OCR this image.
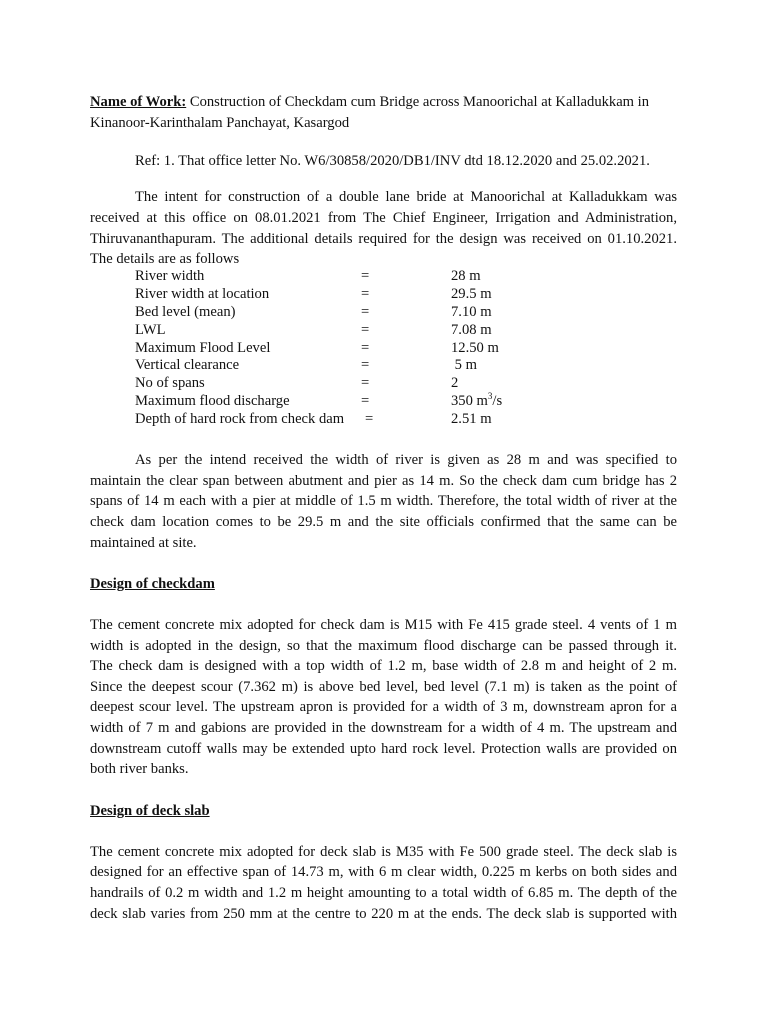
Name of Work: Construction of Checkdam cum Bridge across Manoorichal at Kalladukkam in
Kinanoor-Karinthalam Panchayat, Kasargod
Ref: 1. That office letter No. W6/30858/2020/DB1/INV dtd 18.12.2020 and 25.02.2021.
The intent for construction of a double lane bride at Manoorichal at Kalladukkam was
received at this office on 08.01.2021 from The Chief Engineer, Irrigation and Administration,
Thiruvananthapuram. The additional details required for the design was received on 01.10.2021.
The details are as follows
River width	=	28 m
River width at location	=	29.5 m
Bed level (mean)	=	7.10 m
LWL	=	7.08 m
Maximum Flood Level	=	12.50 m
Vertical clearance	=	5 m
No of spans	=	2
Maximum flood discharge	=	350 $m^3/s$
Depth of hard rock from check dam =	2.51 m
As per the intend received the width of river is given as 28 m and was specified to
maintain the clear span between abutment and pier as 14 m. So the check dam cum bridge has 2
spans of 14 m each with a pier at middle of 1.5 m width. Therefore, the total width of river at the
check dam location comes to be 29.5 m and the site officials confirmed that the same can be
maintained at site.
Design of checkdam
The cement concrete mix adopted for check dam is M15 with Fe 415 grade steel. 4 vents of 1 m
width is adopted in the design, so that the maximum flood discharge can be passed through it.
The check dam is designed with a top width of 1.2 m, base width of 2.8 m and height of 2 m.
Since the deepest scour (7.362 m) is above bed level, bed level (7.1 m) is taken as the point of
deepest scour level. The upstream apron is provided for a width of 3 m, downstream apron for a
width of 7 m and gabions are provided in the downstream for a width of 4 m. The upstream and
downstream cutoff walls may be extended upto hard rock level. Protection walls are provided on
both river banks.
Design of deck slab
The cement concrete mix adopted for deck slab is M35 with Fe 500 grade steel. The deck slab is
designed for an effective span of 14.73 m, with 6 m clear width, 0.225 m kerbs on both sides and
handrails of 0.2 m width and 1.2 m height amounting to a total width of 6.85 m. The depth of the
deck slab varies from 250 mm at the centre to 220 m at the ends. The deck slab is supported with
